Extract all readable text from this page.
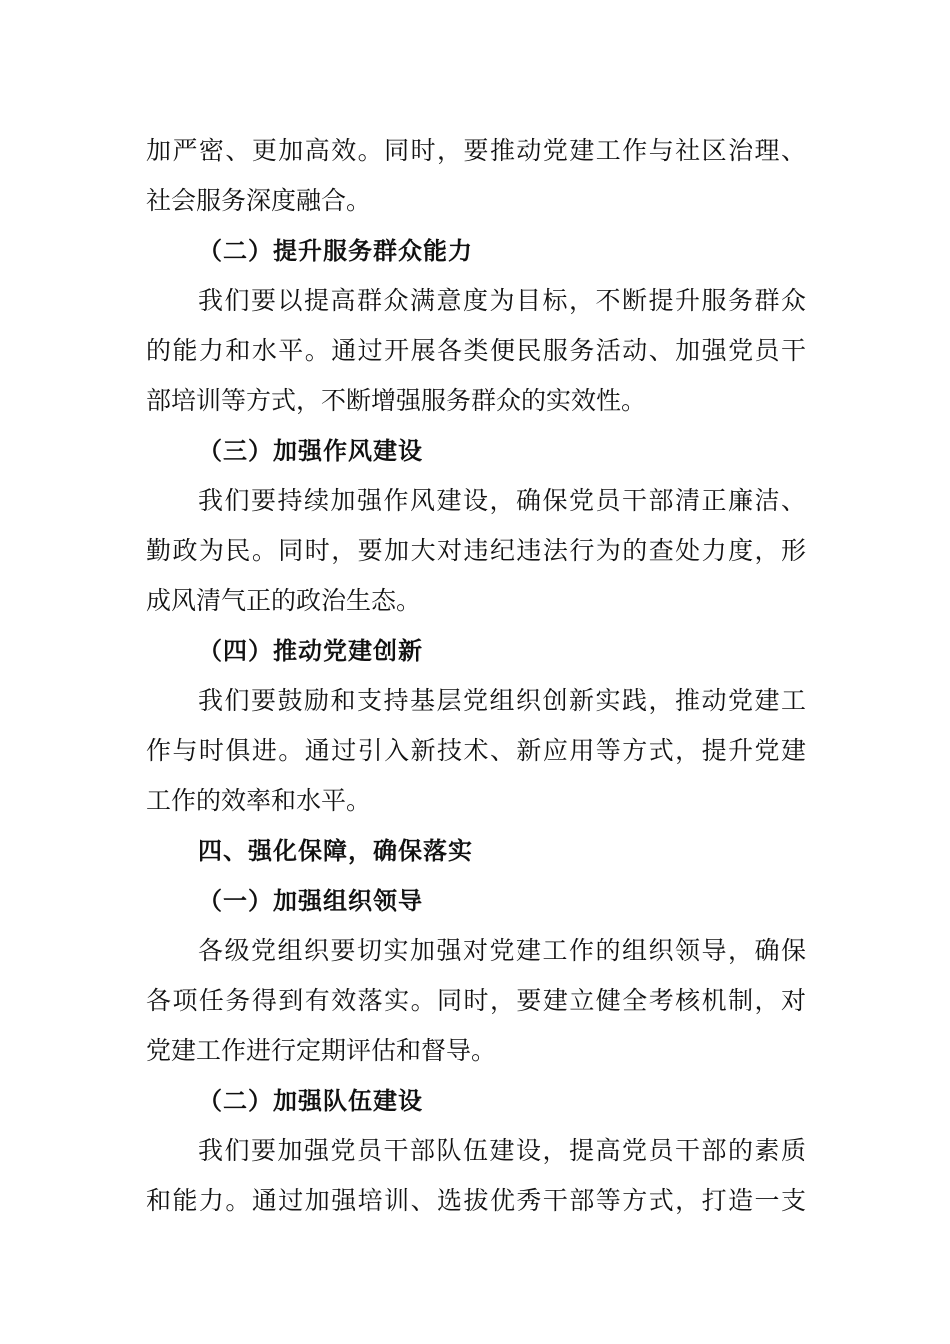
加严密、更加高效。同时，要推动党建工作与社区治理、
社会服务深度融合。
（二）提升服务群众能力
我们要以提高群众满意度为目标，不断提升服务群众
的能力和水平。通过开展各类便民服务活动、加强党员干
部培训等方式，不断增强服务群众的实效性。
（三）加强作风建设
我们要持续加强作风建设，确保党员干部清正廉洁、
勤政为民。同时，要加大对违纪违法行为的查处力度，形
成风清气正的政治生态。
（四）推动党建创新
我们要鼓励和支持基层党组织创新实践，推动党建工
作与时俱进。通过引入新技术、新应用等方式，提升党建
工作的效率和水平。
四、强化保障，确保落实
（一）加强组织领导
各级党组织要切实加强对党建工作的组织领导，确保
各项任务得到有效落实。同时，要建立健全考核机制，对
党建工作进行定期评估和督导。
（二）加强队伍建设
我们要加强党员干部队伍建设，提高党员干部的素质
和能力。通过加强培训、选拔优秀干部等方式，打造一支
